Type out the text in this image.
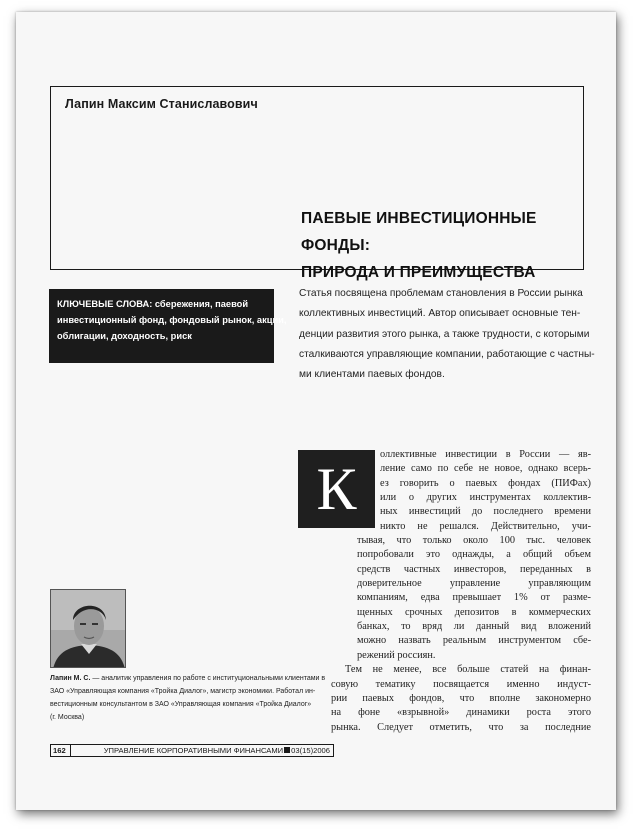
Лапин Максим Станиславович
ПАЕВЫЕ ИНВЕСТИЦИОННЫЕ ФОНДЫ:
ПРИРОДА И ПРЕИМУЩЕСТВА
КЛЮЧЕВЫЕ СЛОВА: сбережения, паевой
инвестиционный фонд, фондовый рынок, акции,
облигации, доходность, риск
Статья посвящена проблемам становления в России рынка
коллективных инвестиций. Автор описывает основные тен-
денции развития этого рынка, а также трудности, с которыми
сталкиваются управляющие компании, работающие с частны-
ми клиентами паевых фондов.
К
оллективные инвестиции в России — яв-
ление само по себе не новое, однако всерь-
ез говорить о паевых фондах (ПИФах)
или о других инструментах коллектив-
ных инвестиций до последнего времени
никто не решался. Действительно, учи-
тывая, что только около 100 тыс. человек
попробовали это однажды, а общий объем
средств частных инвесторов, переданных в
доверительное управление управляющим
компаниям, едва превышает 1% от разме-
щенных срочных депозитов в коммерческих
банках, то вряд ли данный вид вложений
можно назвать реальным инструментом сбе-
режений россиян.
Тем не менее, все больше статей на финан-
совую тематику посвящается именно индуст-
рии паевых фондов, что вполне закономерно
на фоне «взрывной» динамики роста этого
рынка. Следует отметить, что за последние
Лапин М. С. — аналитик управления по работе с институциональными клиентами в
ЗАО «Управляющая компания «Тройка Диалог», магистр экономики. Работал ин-
вестиционным консультантом в ЗАО «Управляющая компания «Тройка Диалог»
(г. Москва)
162	УПРАВЛЕНИЕ КОРПОРАТИВНЫМИ ФИНАНСАМИ 03(15)2006
